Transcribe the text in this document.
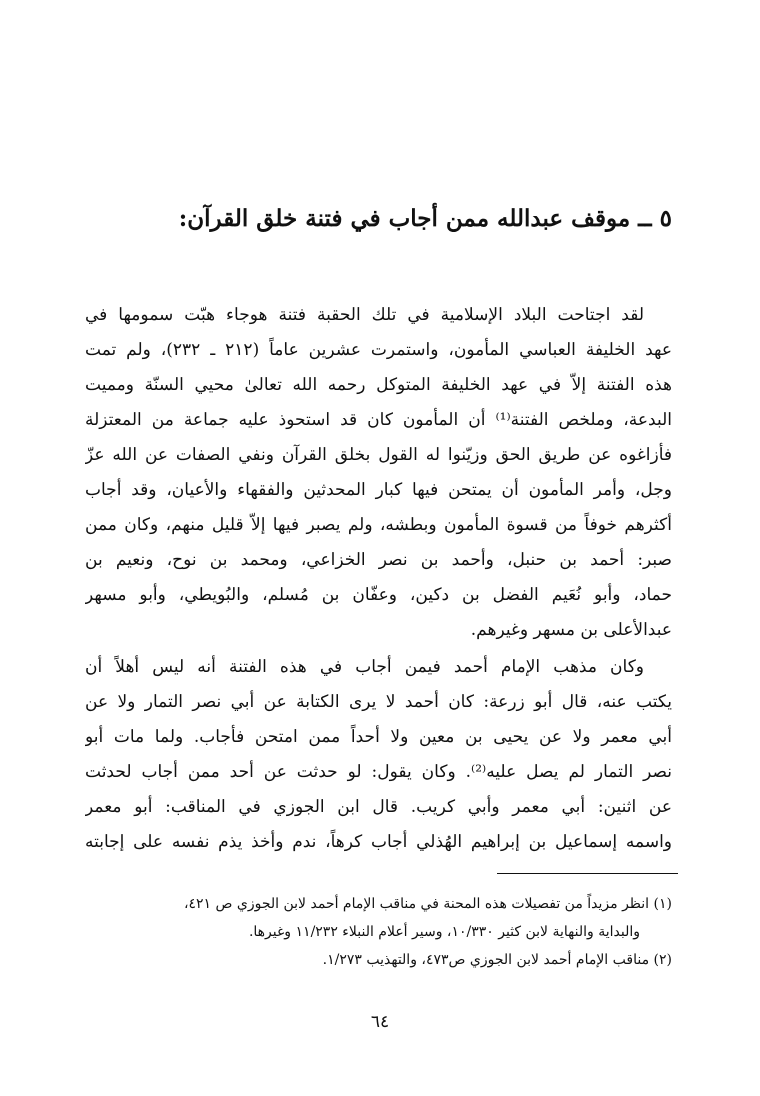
٥ ــ موقف عبدالله ممن أجاب في فتنة خلق القرآن:
لقد اجتاحت البلاد الإسلامية في تلك الحقبة فتنة هوجاء هبّت سمومها في
عهد الخليفة العباسي المأمون، واستمرت عشرين عاماً (٢١٢ ـ ٢٣٢)، ولم تمت
هذه الفتنة إلاّ في عهد الخليفة المتوكل رحمه الله تعالىٰ محيي السنّة ومميت
البدعة، وملخص الفتنة⁽¹⁾ أن المأمون كان قد استحوذ عليه جماعة من المعتزلة
فأزاغوه عن طريق الحق وزيّنوا له القول بخلق القرآن ونفي الصفات عن الله عزّ
وجل، وأمر المأمون أن يمتحن فيها كبار المحدثين والفقهاء والأعيان، وقد أجاب
أكثرهم خوفاً من قسوة المأمون وبطشه، ولم يصبر فيها إلاّ قليل منهم، وكان ممن
صبر: أحمد بن حنبل، وأحمد بن نصر الخزاعي، ومحمد بن نوح، ونعيم بن
حماد، وأبو نُعَيم الفضل بن دكين، وعفّان بن مُسلم، والبُويطي، وأبو مسهر
عبدالأعلى بن مسهر وغيرهم.
وكان مذهب الإمام أحمد فيمن أجاب في هذه الفتنة أنه ليس أهلاً أن
يكتب عنه، قال أبو زرعة: كان أحمد لا يرى الكتابة عن أبي نصر التمار ولا عن
أبي معمر ولا عن يحيى بن معين ولا أحداً ممن امتحن فأجاب. ولما مات أبو
نصر التمار لم يصل عليه⁽²⁾. وكان يقول: لو حدثت عن أحد ممن أجاب لحدثت
عن اثنين: أبي معمر وأبي كريب. قال ابن الجوزي في المناقب: أبو معمر
واسمه إسماعيل بن إبراهيم الهُذلي أجاب كرهاً، ندم وأخذ يذم نفسه على إجابته
(١) انظر مزيداً من تفصيلات هذه المحنة في مناقب الإمام أحمد لابن الجوزي ص ٤٢١،
والبداية والنهاية لابن كثير ١٠/٣٣٠، وسير أعلام النبلاء ١١/٢٣٢ وغيرها.
(٢) مناقب الإمام أحمد لابن الجوزي ص٤٧٣، والتهذيب ١/٢٧٣.
٦٤
